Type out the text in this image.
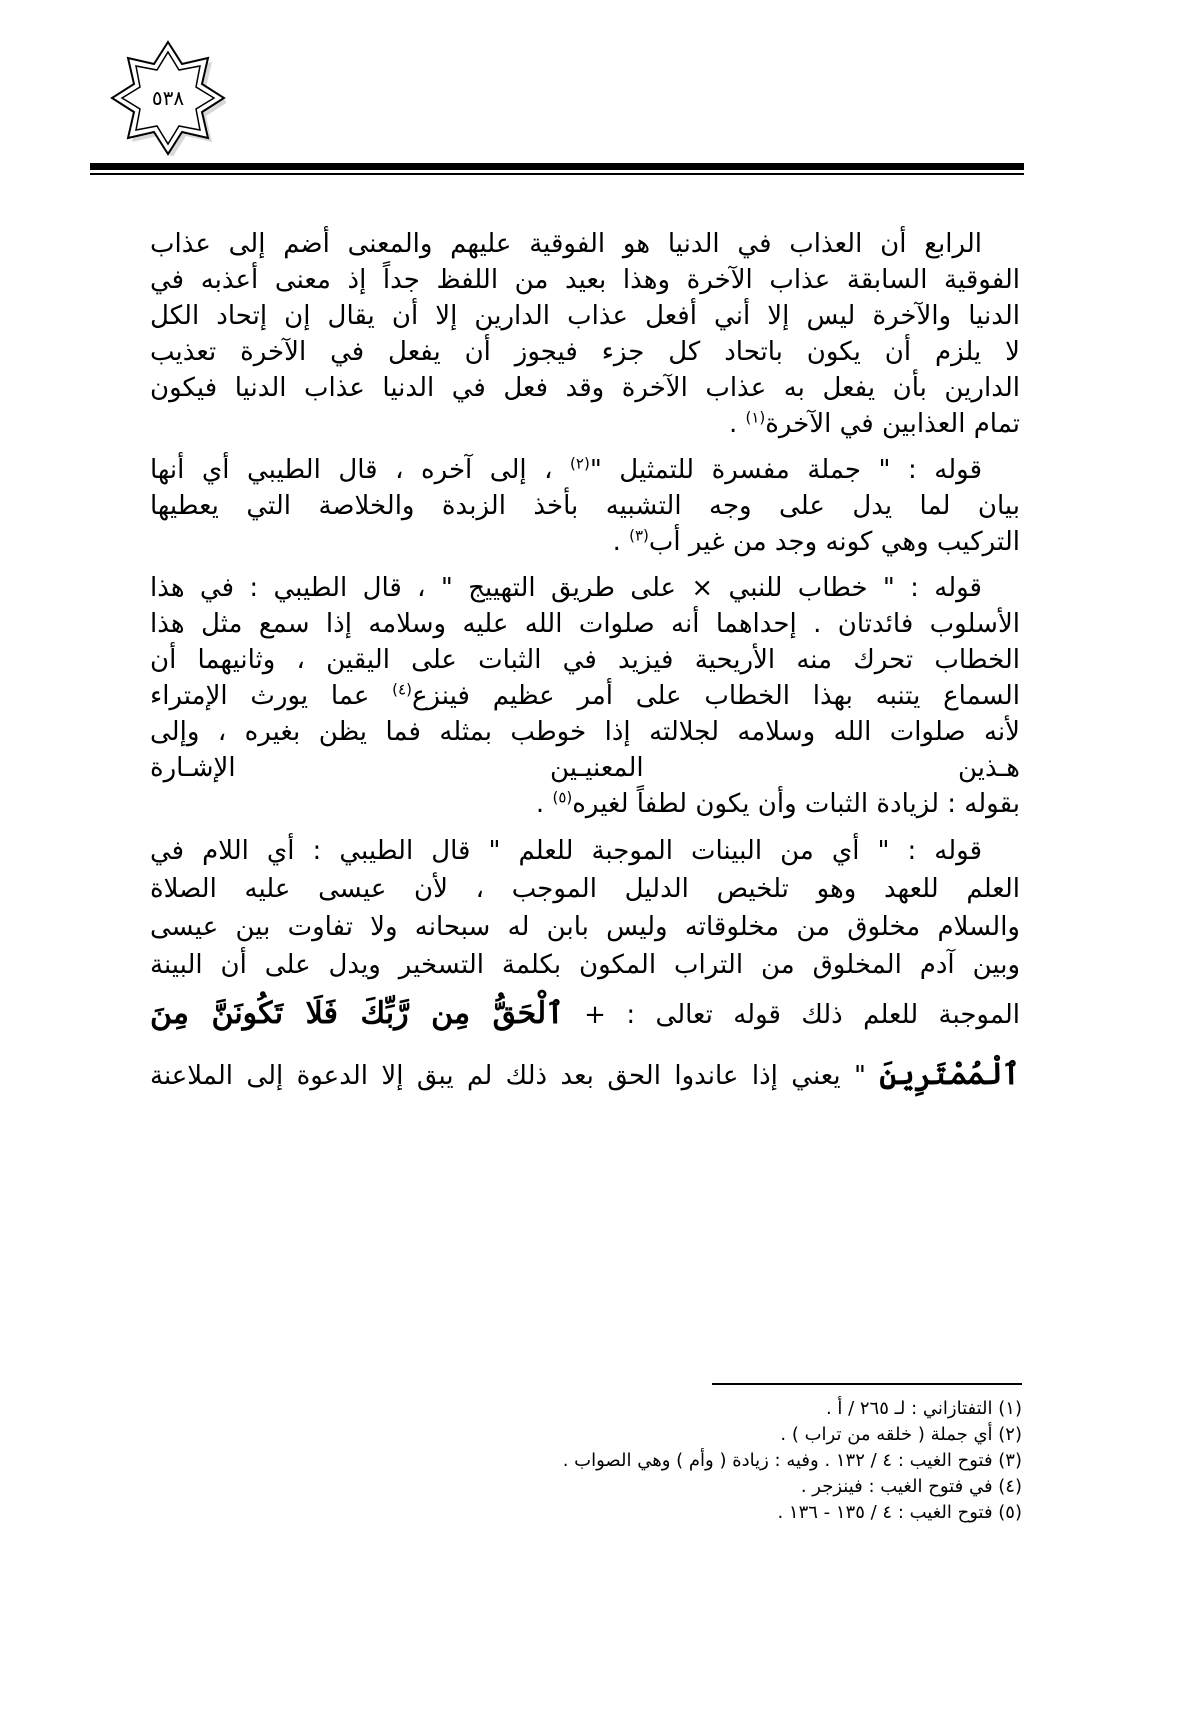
٥٣٨

الرابع أن العذاب في الدنيا هو الفوقية عليهم والمعنى أضم إلى عذاب
الفوقية السابقة عذاب الآخرة وهذا بعيد من اللفظ جداً إذ معنى أعذبه في
الدنيا والآخرة ليس إلا أني أفعل عذاب الدارين إلا أن يقال إن إتحاد الكل
لا يلزم أن يكون باتحاد كل جزء فيجوز أن يفعل في الآخرة تعذيب
الدارين بأن يفعل به عذاب الآخرة وقد فعل في الدنيا عذاب الدنيا فيكون
تمام العذابين في الآخرة$^{(١)}$ .

قوله : " جملة مفسرة للتمثيل "$^{(٢)}$ ، إلى آخره ، قال الطيبي أي أنها
بيان لما يدل على وجه التشبيه بأخذ الزبدة والخلاصة التي يعطيها
التركيب وهي كونه وجد من غير أب$^{(٣)}$ .

قوله : " خطاب للنبي × على طريق التهييج " ، قال الطيبي : في هذا
الأسلوب فائدتان . إحداهما أنه صلوات الله عليه وسلامه إذا سمع مثل هذا
الخطاب تحرك منه الأريحية فيزيد في الثبات على اليقين ، وثانيهما أن
السماع يتنبه بهذا الخطاب على أمر عظيم فينزع$^{(٤)}$ عما يورث الإمتراء
لأنه صلوات الله وسلامه لجلالته إذا خوطب بمثله فما يظن بغيره ، وإلى
هـذين
المعنيـين
الإشـارة
بقوله : لزيادة الثبات وأن يكون لطفاً لغيره$^{(٥)}$ .

قوله : " أي من البينات الموجبة للعلم " قال الطيبي : أي اللام في
العلم للعهد وهو تلخيص الدليل الموجب ، لأن عيسى عليه الصلاة
والسلام مخلوق من مخلوقاته وليس بابن له سبحانه ولا تفاوت بين عيسى
وبين آدم المخلوق من التراب المكون بكلمة التسخير ويدل على أن البينة
الموجبة للعلم ذلك قوله تعالى : + ٱلْحَقُّ مِن رَّبِّكَ فَلَا تَكُونَنَّ مِنَ
ٱلْمُمْتَرِينَ " يعني إذا عاندوا الحق بعد ذلك لم يبق إلا الدعوة إلى الملاعنة

(١) التفتازاني : لـ ٢٦٥ / أ .
(٢) أي جملة ( خلقه من تراب ) .
(٣) فتوح الغيب : ٤ / ١٣٢ . وفيه : زيادة ( وأم ) وهي الصواب .
(٤) في فتوح الغيب : فينزجر .
(٥) فتوح الغيب : ٤ / ١٣٥ - ١٣٦ .
